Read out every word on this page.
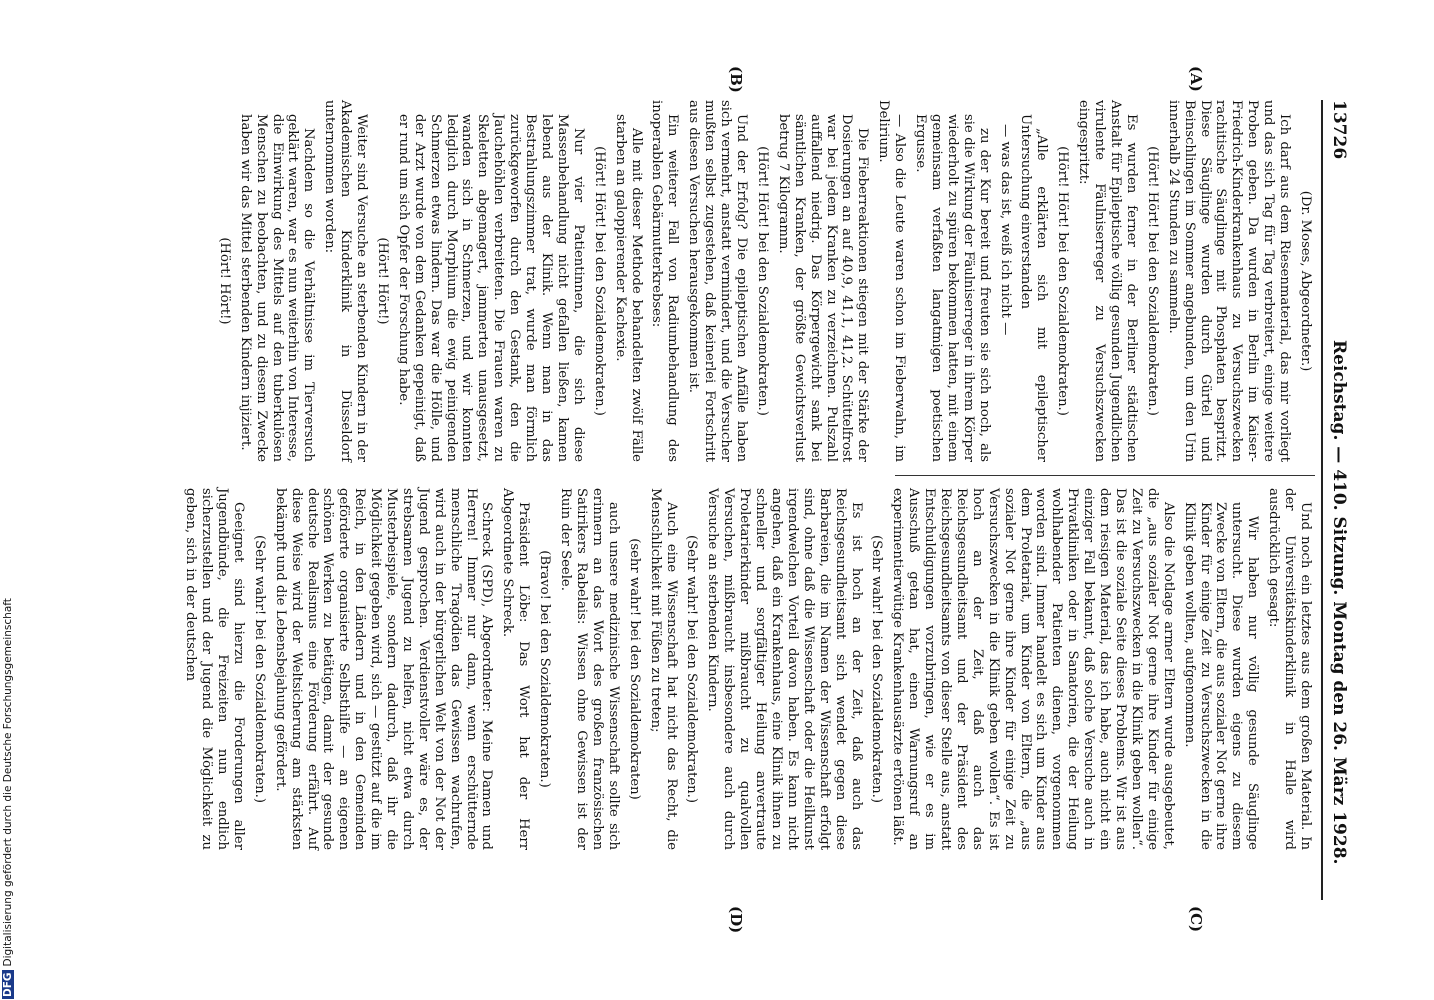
13726
Reichstag. — 410. Sitzung. Montag den 26. März 1928.
(A)
(B)
(C)
(D)

(Dr. Moses, Abgeordneter.)

Ich darf aus dem Riesenmaterial, das mir vorliegt und das sich Tag für Tag verbreitert, einige weitere Proben geben. Da wurden in Berlin im Kaiser-Friedrich-Kinderkrankenhaus zu Versuchszwecken rachitische Säuglinge mit Phosphaten bespritzt. Diese Säuglinge wurden durch Gürtel und Beinschlingen im Sommer angebunden, um den Urin innerhalb 24 Stunden zu sammeln.

(Hört! Hört! bei den Sozialdemokraten.)

Es wurden ferner in der Berliner städtischen Anstalt für Epileptische völlig gesunden Jugendlichen virulente Fäulniserreger zu Versuchszwecken eingespritzt:

(Hört! Hört! bei den Sozialdemokraten.)

„Alle erklärten sich mit epileptischer Untersuchung einverstanden

— was das ist, weiß ich nicht —

zu der Kur bereit und freuten sie sich noch, als sie die Wirkung der Fäulniserreger in ihrem Körper wiederholt zu spüren bekommen hatten, mit einem gemeinsam verfaßten langatmigen poetischen Ergusse.

— Also die Leute waren schon im Fieberwahn, im Delirium.

Die Fieberreaktionen stiegen mit der Stärke der Dosierungen an auf 40,9, 41,1, 41,2. Schüttelfrost war bei jedem Kranken zu verzeichnen. Pulszahl auffallend niedrig. Das Körpergewicht sank bei sämtlichen Kranken, der größte Gewichtsverlust betrug 7 Kilogramm.

(Hört! Hört! bei den Sozialdemokraten.)

Und der Erfolg? Die epileptischen Anfälle haben sich vermehrt, anstatt vermindert, und die Versucher mußten selbst zugestehen, daß keinerlei Fortschritt aus diesen Versuchen herausgekommen ist.

Ein weiterer Fall von Radiumbehandlung des inoperablen Gebärmutterkrebses:

Alle mit dieser Methode behandelten zwölf Fälle starben an galoppierender Kachexie.

(Hört! Hört! bei den Sozialdemokraten.)

Nur vier Patientinnen, die sich diese Massenbehandlung nicht gefallen ließen, kamen lebend aus der Klinik. Wenn man in das Bestrahlungszimmer trat, wurde man förmlich zurückgeworfen durch den Gestank, den die Jauchehöhlen verbreiteten. Die Frauen waren zu Skeletten abgemagert, jammerten unausgesetzt, wanden sich in Schmerzen, und wir konnten lediglich durch Morphium die ewig peinigenden Schmerzen etwas lindern. Das war die Hölle, und der Arzt wurde von dem Gedanken gepeinigt, daß er rund um sich Opfer der Forschung habe.

(Hört! Hört!)

Weiter sind Versuche an sterbenden Kindern in der Akademischen Kinderklinik in Düsseldorf unternommen worden:

Nachdem so die Verhältnisse im Tierversuch geklärt waren, war es nun weiterhin von Interesse, die Einwirkung des Mittels auf den tuberkulösen Menschen zu beobachten, und zu diesem Zwecke haben wir das Mittel sterbenden Kindern injiziert.

(Hört! Hört!)

Und noch ein letztes aus dem großen Material. In der Universitätskinderklinik in Halle wird ausdrücklich gesagt:

Wir haben nur völlig gesunde Säuglinge untersucht. Diese wurden eigens zu diesem Zwecke von Eltern, die aus sozialer Not gerne ihre Kinder für einige Zeit zu Versuchszwecken in die Klinik geben wollten, aufgenommen.

Also die Notlage armer Eltern wurde ausgebeutet, die „aus sozialer Not gerne ihre Kinder für einige Zeit zu Versuchszwecken in die Klinik geben wollen“. Das ist die soziale Seite dieses Problems. Wir ist aus dem riesigen Material, das ich habe, auch nicht ein einziger Fall bekannt, daß solche Versuche auch in Privatkliniken oder in Sanatorien, die der Heilung wohlhabender Patienten dienen, vorgenommen worden sind. Immer handelt es sich um Kinder aus dem Proletariat, um Kinder von Eltern, die „aus sozialer Not gerne ihre Kinder für einige Zeit zu Versuchszwecken in die Klinik geben wollen“. Es ist hoch an der Zeit, daß auch das Reichsgesundheitsamt und der Präsident des Reichsgesundheitsamts von dieser Stelle aus, anstatt Entschuldigungen vorzubringen, wie er es im Ausschuß getan hat, einen Warnungsruf an experimentierwütige Krankenhausärzte ertönen läßt.

(Sehr wahr! bei den Sozialdemokraten.)

Es ist hoch an der Zeit, daß auch das Reichsgesundheitsamt sich wendet gegen diese Barbareien, die im Namen der Wissenschaft erfolgt sind, ohne daß die Wissenschaft oder die Heilkunst irgendwelchen Vorteil davon haben. Es kann nicht angehen, daß ein Krankenhaus, eine Klinik ihnen zu schneller und sorgfältiger Heilung anvertraute Proletarierkinder mißbraucht zu qualvollen Versuchen, mißbraucht insbesondere auch durch Versuche an sterbenden Kindern.

(Sehr wahr! bei den Sozialdemokraten.)

Auch eine Wissenschaft hat nicht das Recht, die Menschlichkeit mit Füßen zu treten;

(sehr wahr! bei den Sozialdemokraten)

auch unsere medizinische Wissenschaft sollte sich erinnern an das Wort des großen französischen Satirikers Rabelais: Wissen ohne Gewissen ist der Ruin der Seele.

(Bravo! bei den Sozialdemokraten.)

Präsident Löbe: Das Wort hat der Herr Abgeordnete Schreck.

Schreck (SPD), Abgeordneter: Meine Damen und Herren! Immer nur dann, wenn erschütternde menschliche Tragödien das Gewissen wachrufen, wird auch in der bürgerlichen Welt von der Not der Jugend gesprochen. Verdienstvoller wäre es, der strebsamen Jugend zu helfen, nicht etwa durch Musterbeispiele, sondern dadurch, daß ihr die Möglichkeit gegeben wird, sich — gestützt auf die im Reich, in den Ländern und in den Gemeinden geförderte organisierte Selbsthilfe — an eigenen schönen Werken zu betätigen, damit der gesunde deutsche Realismus eine Förderung erfährt. Auf diese Weise wird der Weltsicherung am stärksten bekämpft und die Lebensbejahung gefördert.

(Sehr wahr! bei den Sozialdemokraten.)

Geeignet sind hierzu die Forderungen aller Jugendbünde, die Freizeiten nun endlich sicherzustellen und der Jugend die Möglichkeit zu geben, sich in der deutschen

DFGDigitalisierung gefördert durch die Deutsche Forschungsgemeinschaft
